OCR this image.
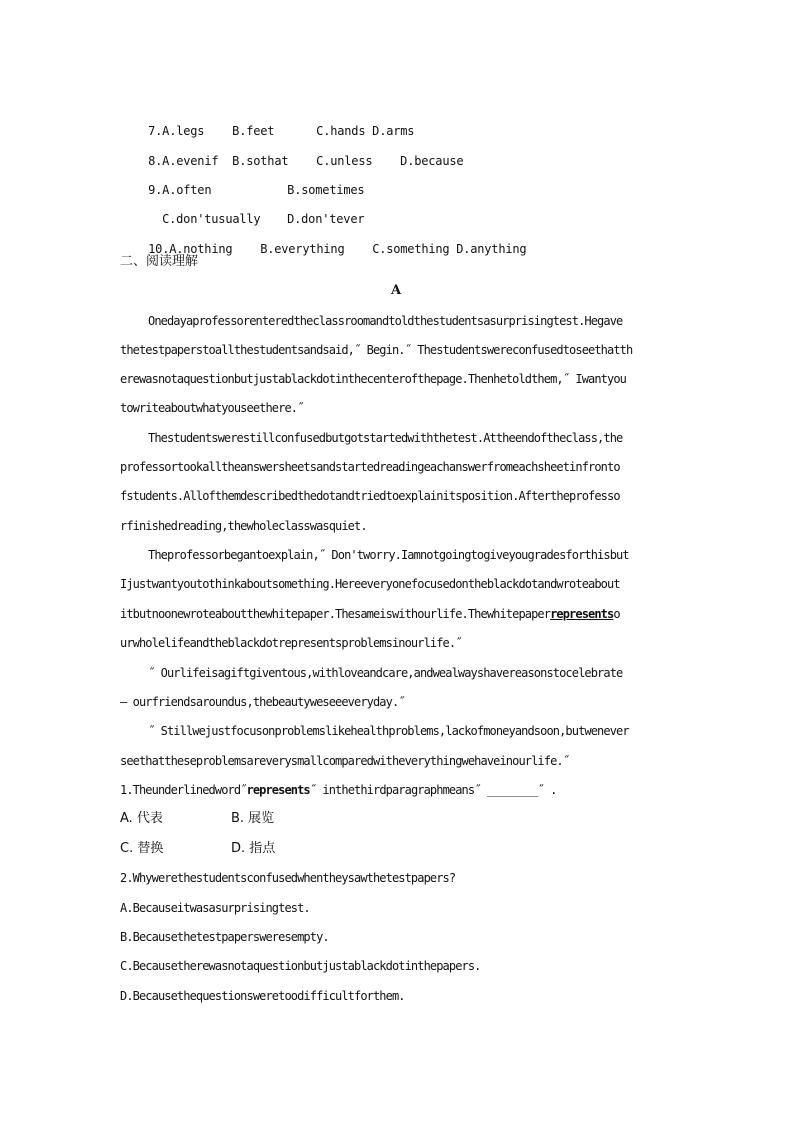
7.A.legs B.feet	C.hands D.arms

8.A.evenif B.sothat C.unless D.because

9.A.often	B.sometimes

C.don'tusually D.don'tever

10.A.nothing B.everything C.something D.anything

二、阅读理解
A
Onedayaprofessorenteredtheclassroomandtoldthestudentsasurprisingtest.Hegave
thetestpaperstoallthestudentsandsaid,˝ Begin.˝ Thestudentswereconfusedtoseethatth
erewasnotaquestionbutjustablackdotinthecenterofthepage.Thenhetoldthem,˝ Iwantyou
towriteaboutwhatyouseethere.˝
Thestudentswerestillconfusedbutgotstartedwiththetest.Attheendoftheclass,the
professortookalltheanswersheetsandstartedreadingeachanswerfromeachsheetinfronto
fstudents.Allofthemdescribedthedotandtriedtoexplainitsposition.Aftertheprofesso
rfinishedreading,thewholeclasswasquiet.
Theprofessorbegantoexplain,˝ Don'tworry.Iamnotgoingtogiveyougradesforthisbut
Ijustwantyoutothinkaboutsomething.Hereeveryonefocusedontheblackdotandwroteabout
itbutnoonewroteaboutthewhitepaper.Thesameiswithourlife.Thewhitepaperrepresentso
urwholelifeandtheblackdotrepresentsproblemsinourlife.˝
˝ Ourlifeisagiftgiventous,withloveandcare,andwealwayshavereasonstocelebrate
— ourfriendsaroundus,thebeautyweseeeveryday.˝
˝ Stillwejustfocusonproblemslikehealthproblems,lackofmoneyandsoon,butwenever
seethattheseproblemsareverysmallcomparedwitheverythingwehaveinourlife.˝
1.Theunderlinedword˝represents˝ inthethirdparagraphmeans˝ ________˝ .
A. 代表	B. 展览
C. 替换	D. 指点
2.Whywerethestudentsconfusedwhentheysawthetestpapers?
A.Becauseitwasasurprisingtest.
B.Becausethetestpapersweresempty.
C.Becausetherewasnotaquestionbutjustablackdotinthepapers.
D.Becausethequestionsweretoodifficultforthem.
